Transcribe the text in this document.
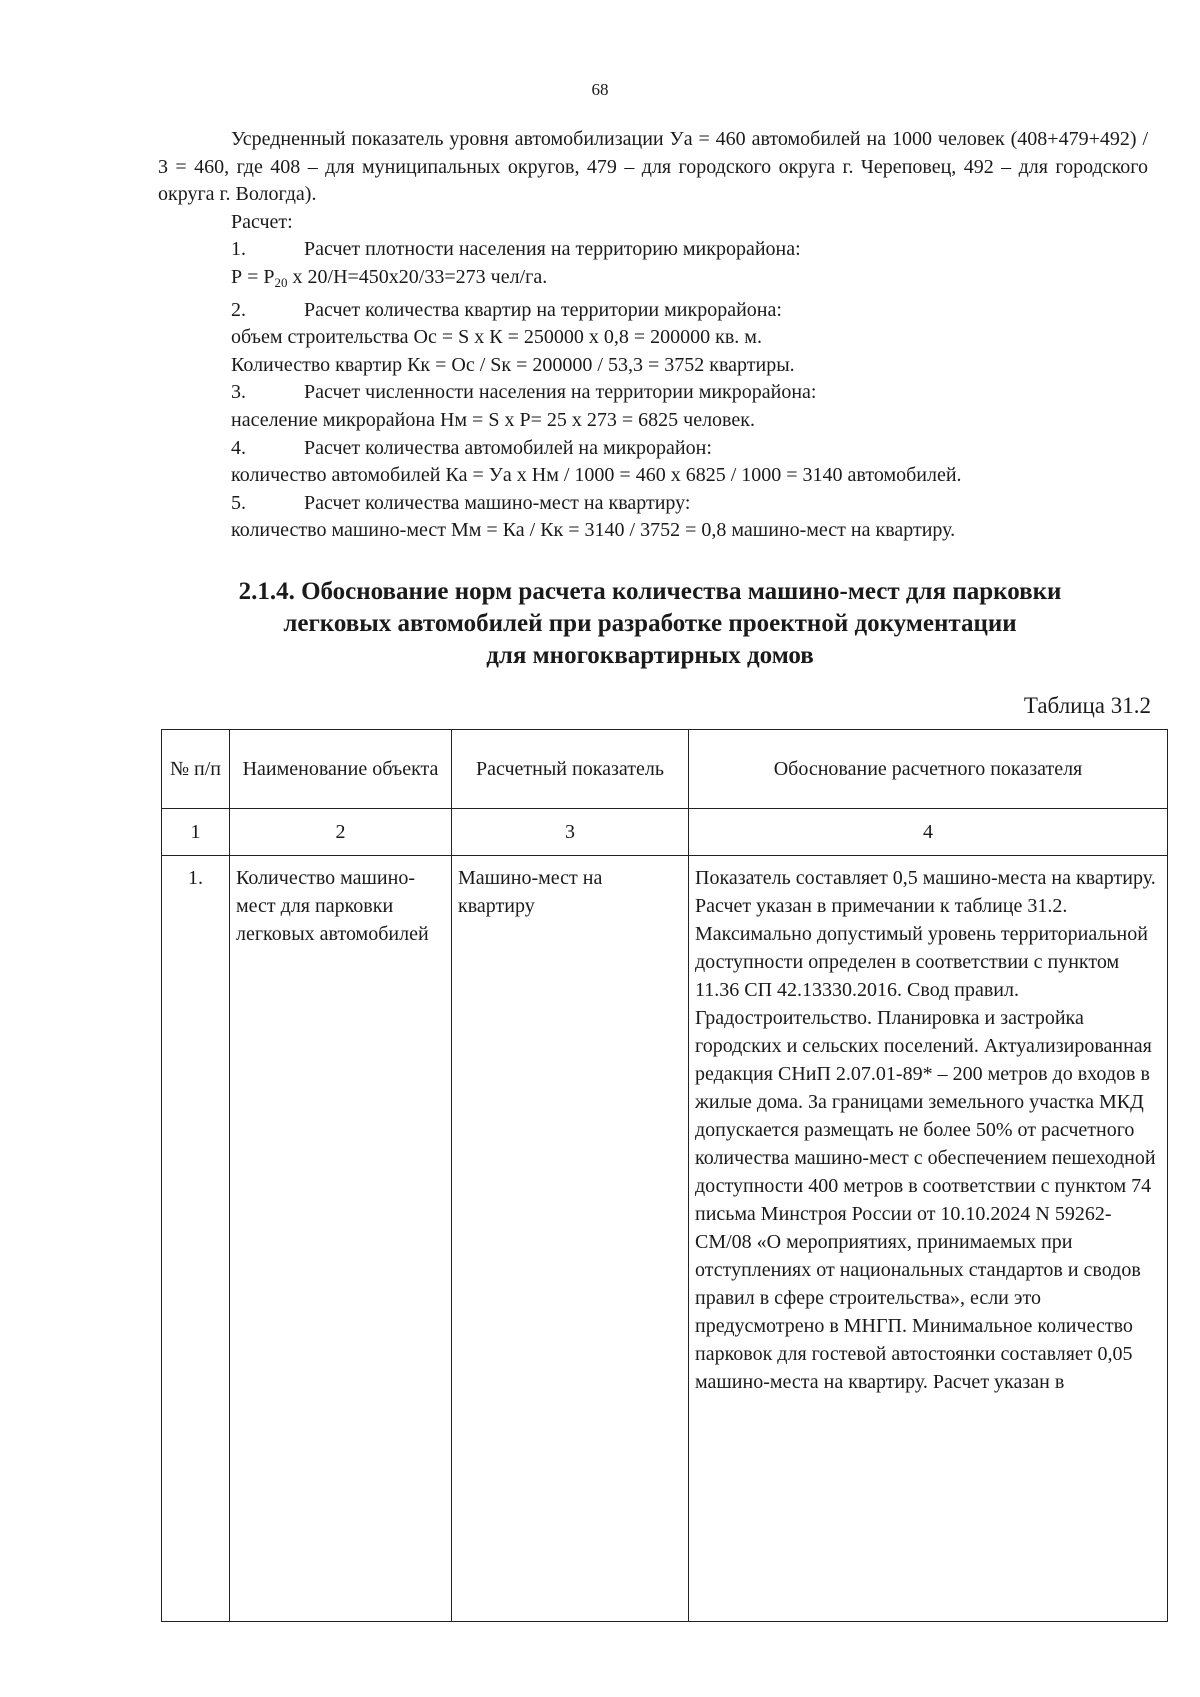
68

Усредненный показатель уровня автомобилизации Уа = 460 автомобилей на 1000 человек (408+479+492) / 3 = 460, где 408 – для муниципальных округов, 479 – для городского округа г. Череповец, 492 – для городского округа г. Вологда).

Расчет:

1.	Расчет плотности населения на территорию микрорайона:

$Р = Р_{20}$ х 20/Н=450х20/33=273 чел/га.

2.	Расчет количества квартир на территории микрорайона:

объем строительства Ос = S х К = 250000 х 0,8 = 200000 кв. м.

Количество квартир Кк = Ос / Sк = 200000 / 53,3 = 3752 квартиры.

3.	Расчет численности населения на территории микрорайона:

население микрорайона Нм = S х Р= 25 х 273 = 6825 человек.

4.	Расчет количества автомобилей на микрорайон:

количество автомобилей Ка = Уа х Нм / 1000 = 460 х 6825 / 1000 = 3140 автомобилей.

5.	Расчет количества машино-мест на квартиру:

количество машино-мест Мм = Ка / Кк = 3140 / 3752 = 0,8 машино-мест на квартиру.

2.1.4. Обоснование норм расчета количества машино-мест для парковки
легковых автомобилей при разработке проектной документации
для многоквартирных домов
Таблица 31.2
№ п/п	Наименование объекта	Расчетный показатель	Обоснование расчетного показателя
1	2	3	4
1.	Количество машино-мест для парковки легковых автомобилей	Машино-мест на квартиру	Показатель составляет 0,5 машино-места на квартиру. Расчет указан в примечании к таблице 31.2. Максимально допустимый уровень территориальной доступности определен в соответствии с пунктом 11.36 СП 42.13330.2016. Свод правил. Градостроительство. Планировка и застройка городских и сельских поселений. Актуализированная редакция СНиП 2.07.01-89* – 200 метров до входов в жилые дома. За границами земельного участка МКД допускается размещать не более 50% от расчетного количества машино-мест с обеспечением пешеходной доступности 400 метров в соответствии с пунктом 74 письма Минстроя России от 10.10.2024 N 59262-СМ/08 «О мероприятиях, принимаемых при отступлениях от национальных стандартов и сводов правил в сфере строительства», если это предусмотрено в МНГП. Минимальное количество парковок для гостевой автостоянки составляет 0,05 машино-места на квартиру. Расчет указан в
